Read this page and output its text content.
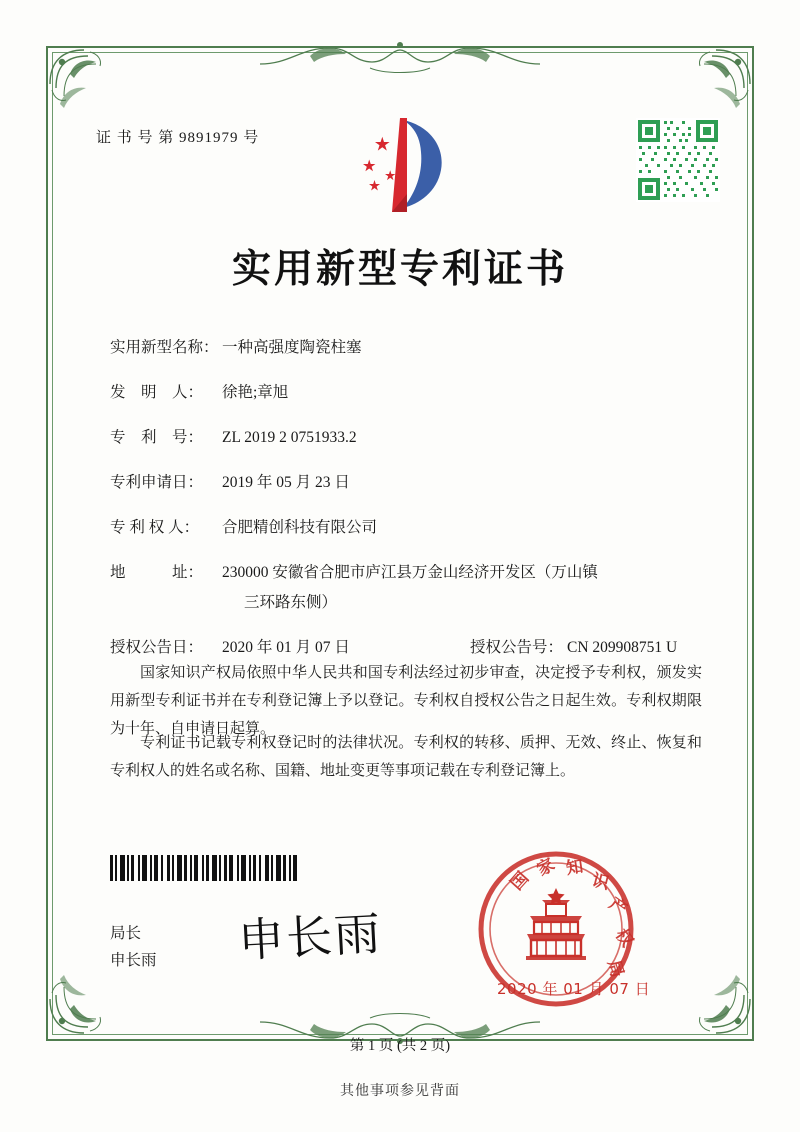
证 书 号 第 9891979 号
实用新型专利证书
实用新型名称： 一种高强度陶瓷柱塞
发　明　人：	徐艳;章旭
专　利　号：	ZL 2019 2 0751933.2
专利申请日：	2019 年 05 月 23 日
专 利 权 人：	合肥精创科技有限公司
地　　　址：	230000 安徽省合肥市庐江县万金山经济开发区（万山镇
三环路东侧）
授权公告日：	2020 年 01 月 07 日	授权公告号： CN 209908751 U
国家知识产权局依照中华人民共和国专利法经过初步审查，决定授予专利权，颁发实用新型专利证书并在专利登记簿上予以登记。专利权自授权公告之日起生效。专利权期限为十年、自申请日起算。
专利证书记载专利权登记时的法律状况。专利权的转移、质押、无效、终止、恢复和专利权人的姓名或名称、国籍、地址变更等事项记载在专利登记簿上。
局长
申长雨 申长雨
国
家 知
识
产
权
局
2020 年 01 月 07 日
第 1 页 (共 2 页)
其他事项参见背面
